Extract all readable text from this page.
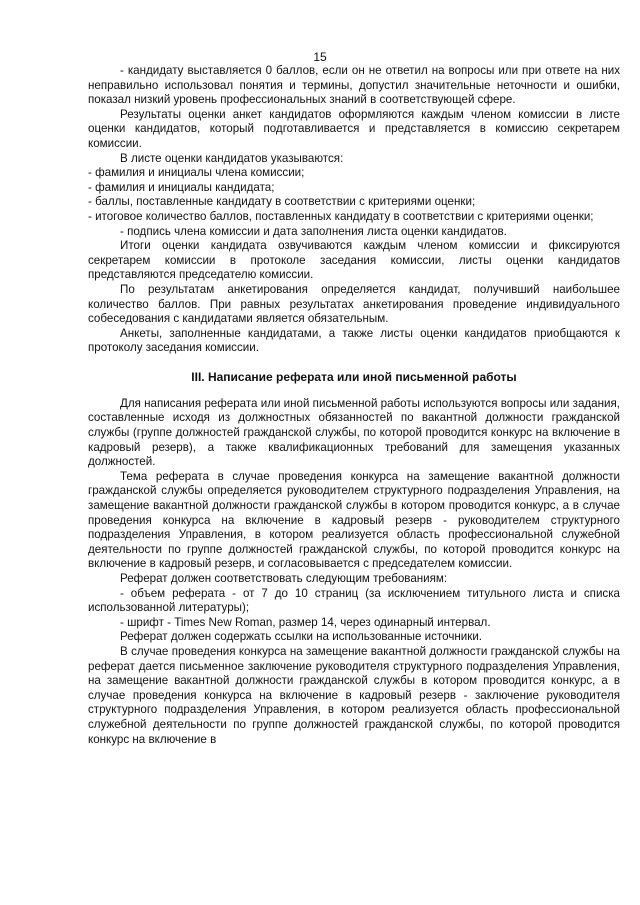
15

- кандидату выставляется 0 баллов, если он не ответил на вопросы или при ответе на них неправильно использовал понятия и термины, допустил значительные неточности и ошибки, показал низкий уровень профессиональных знаний в соответствующей сфере.

Результаты оценки анкет кандидатов оформляются каждым членом комиссии в листе оценки кандидатов, который подготавливается и представляется в комиссию секретарем комиссии.

В листе оценки кандидатов указываются:

- фамилия и инициалы члена комиссии;

- фамилия и инициалы кандидата;

- баллы, поставленные кандидату в соответствии с критериями оценки;

- итоговое количество баллов, поставленных кандидату в соответствии с критериями оценки;

- подпись члена комиссии и дата заполнения листа оценки кандидатов.

Итоги оценки кандидата озвучиваются каждым членом комиссии и фиксируются секретарем комиссии в протоколе заседания комиссии, листы оценки кандидатов представляются председателю комиссии.

По результатам анкетирования определяется кандидат, получивший наибольшее количество баллов. При равных результатах анкетирования проведение индивидуального собеседования с кандидатами является обязательным.

Анкеты, заполненные кандидатами, а также листы оценки кандидатов приобщаются к протоколу заседания комиссии.

III. Написание реферата или иной письменной работы

Для написания реферата или иной письменной работы используются вопросы или задания, составленные исходя из должностных обязанностей по вакантной должности гражданской службы (группе должностей гражданской службы, по которой проводится конкурс на включение в кадровый резерв), а также квалификационных требований для замещения указанных должностей.

Тема реферата в случае проведения конкурса на замещение вакантной должности гражданской службы определяется руководителем структурного подразделения Управления, на замещение вакантной должности гражданской службы в котором проводится конкурс, а в случае проведения конкурса на включение в кадровый резерв - руководителем структурного подразделения Управления, в котором реализуется область профессиональной служебной деятельности по группе должностей гражданской службы, по которой проводится конкурс на включение в кадровый резерв, и согласовывается с председателем комиссии.

Реферат должен соответствовать следующим требованиям:

- объем реферата - от 7 до 10 страниц (за исключением титульного листа и списка использованной литературы);

- шрифт - Times New Roman, размер 14, через одинарный интервал.

Реферат должен содержать ссылки на использованные источники.

В случае проведения конкурса на замещение вакантной должности гражданской службы на реферат дается письменное заключение руководителя структурного подразделения Управления, на замещение вакантной должности гражданской службы в котором проводится конкурс, а в случае проведения конкурса на включение в кадровый резерв - заключение руководителя структурного подразделения Управления, в котором реализуется область профессиональной служебной деятельности по группе должностей гражданской службы, по которой проводится конкурс на включение в
